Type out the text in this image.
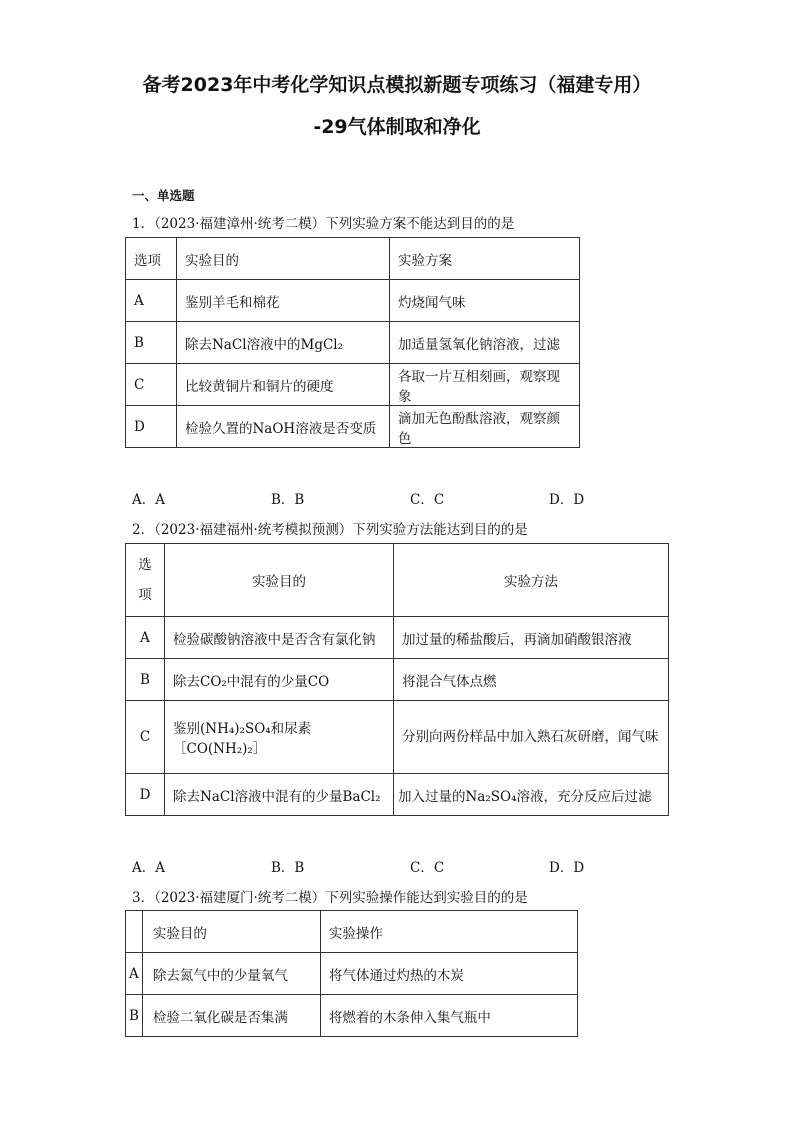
备考2023年中考化学知识点模拟新题专项练习（福建专用）
-29气体制取和净化
一、单选题
1．（2023·福建漳州·统考二模）下列实验方案不能达到目的的是
选项	实验目的	实验方案
A	鉴别羊毛和棉花	灼烧闻气味
B	除去NaCl溶液中的MgCl₂	加适量氢氧化钠溶液，过滤
C	比较黄铜片和铜片的硬度	各取一片互相刻画，观察现象
D	检验久置的NaOH溶液是否变质	滴加无色酚酞溶液，观察颜色
A．A	B．B	C．C	D．D
2．（2023·福建福州·统考模拟预测）下列实验方法能达到目的的是
选项	实验目的	实验方法
A	检验碳酸钠溶液中是否含有氯化钠	加过量的稀盐酸后，再滴加硝酸银溶液
B	除去CO₂中混有的少量CO	将混合气体点燃
C	鉴别(NH₄)₂SO₄和尿素［CO(NH₂)₂］	分别向两份样品中加入熟石灰研磨，闻气味
D	除去NaCl溶液中混有的少量BaCl₂	加入过量的Na₂SO₄溶液，充分反应后过滤
A．A	B．B	C．C	D．D
3．（2023·福建厦门·统考二模）下列实验操作能达到实验目的的是
	实验目的	实验操作
A	除去氮气中的少量氧气	将气体通过灼热的木炭
B	检验二氧化碳是否集满	将燃着的木条伸入集气瓶中
